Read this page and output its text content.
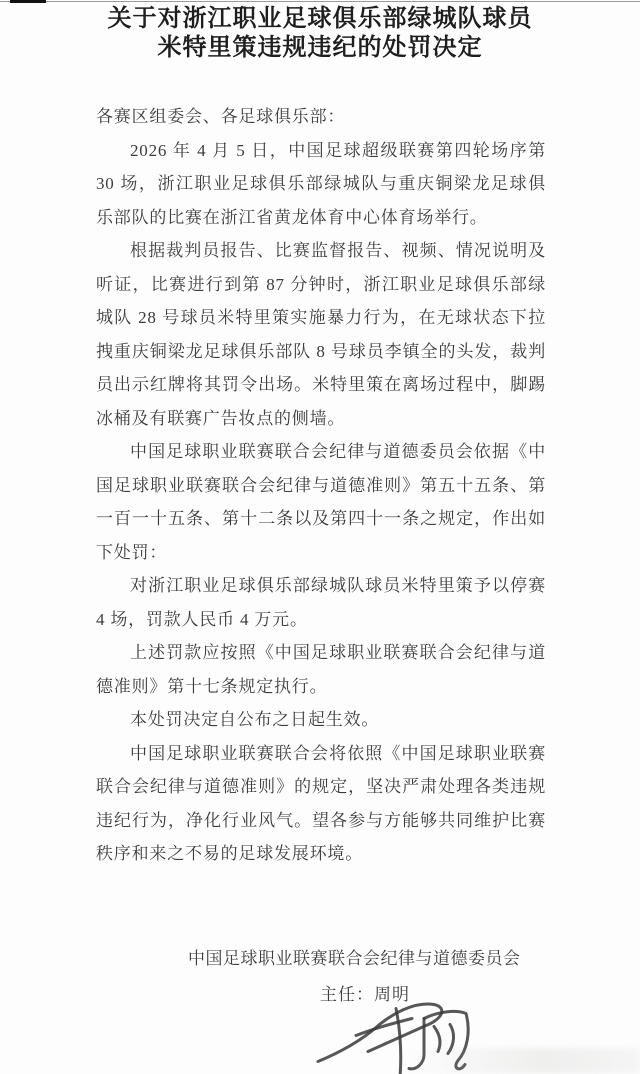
关于对浙江职业足球俱乐部绿城队球员
米特里策违规违纪的处罚决定

各赛区组委会、各足球俱乐部：

2026 年 4 月 5 日，中国足球超级联赛第四轮场序第 30 场，浙江职业足球俱乐部绿城队与重庆铜梁龙足球俱乐部队的比赛在浙江省黄龙体育中心体育场举行。

根据裁判员报告、比赛监督报告、视频、情况说明及听证，比赛进行到第 87 分钟时，浙江职业足球俱乐部绿城队 28 号球员米特里策实施暴力行为，在无球状态下拉拽重庆铜梁龙足球俱乐部队 8 号球员李镇全的头发，裁判员出示红牌将其罚令出场。米特里策在离场过程中，脚踢冰桶及有联赛广告妆点的侧墙。

中国足球职业联赛联合会纪律与道德委员会依据《中国足球职业联赛联合会纪律与道德准则》第五十五条、第一百一十五条、第十二条以及第四十一条之规定，作出如下处罚：

对浙江职业足球俱乐部绿城队球员米特里策予以停赛 4 场，罚款人民币 4 万元。

上述罚款应按照《中国足球职业联赛联合会纪律与道德准则》第十七条规定执行。

本处罚决定自公布之日起生效。

中国足球职业联赛联合会将依照《中国足球职业联赛联合会纪律与道德准则》的规定，坚决严肃处理各类违规违纪行为，净化行业风气。望各参与方能够共同维护比赛秩序和来之不易的足球发展环境。

中国足球职业联赛联合会纪律与道德委员会
主任：周明
